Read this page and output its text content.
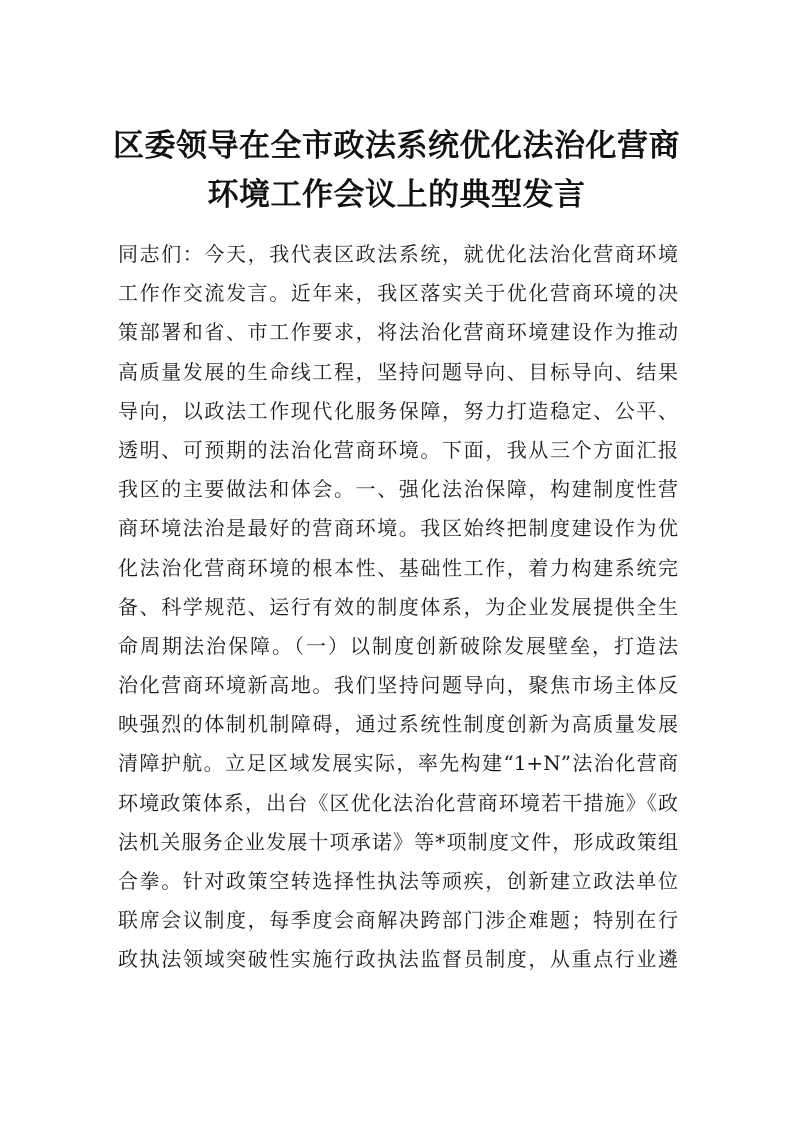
区委领导在全市政法系统优化法治化营商
环境工作会议上的典型发言
同志们：今天，我代表区政法系统，就优化法治化营商环境
工作作交流发言。近年来，我区落实关于优化营商环境的决
策部署和省、市工作要求，将法治化营商环境建设作为推动
高质量发展的生命线工程，坚持问题导向、目标导向、结果
导向，以政法工作现代化服务保障，努力打造稳定、公平、
透明、可预期的法治化营商环境。下面，我从三个方面汇报
我区的主要做法和体会。一、强化法治保障，构建制度性营
商环境法治是最好的营商环境。我区始终把制度建设作为优
化法治化营商环境的根本性、基础性工作，着力构建系统完
备、科学规范、运行有效的制度体系，为企业发展提供全生
命周期法治保障。（一）以制度创新破除发展壁垒，打造法
治化营商环境新高地。我们坚持问题导向，聚焦市场主体反
映强烈的体制机制障碍，通过系统性制度创新为高质量发展
清障护航。立足区域发展实际，率先构建“1+N”法治化营商
环境政策体系，出台《区优化法治化营商环境若干措施》《政
法机关服务企业发展十项承诺》等*项制度文件，形成政策组
合拳。针对政策空转选择性执法等顽疾，创新建立政法单位
联席会议制度，每季度会商解决跨部门涉企难题；特别在行
政执法领域突破性实施行政执法监督员制度，从重点行业遴
